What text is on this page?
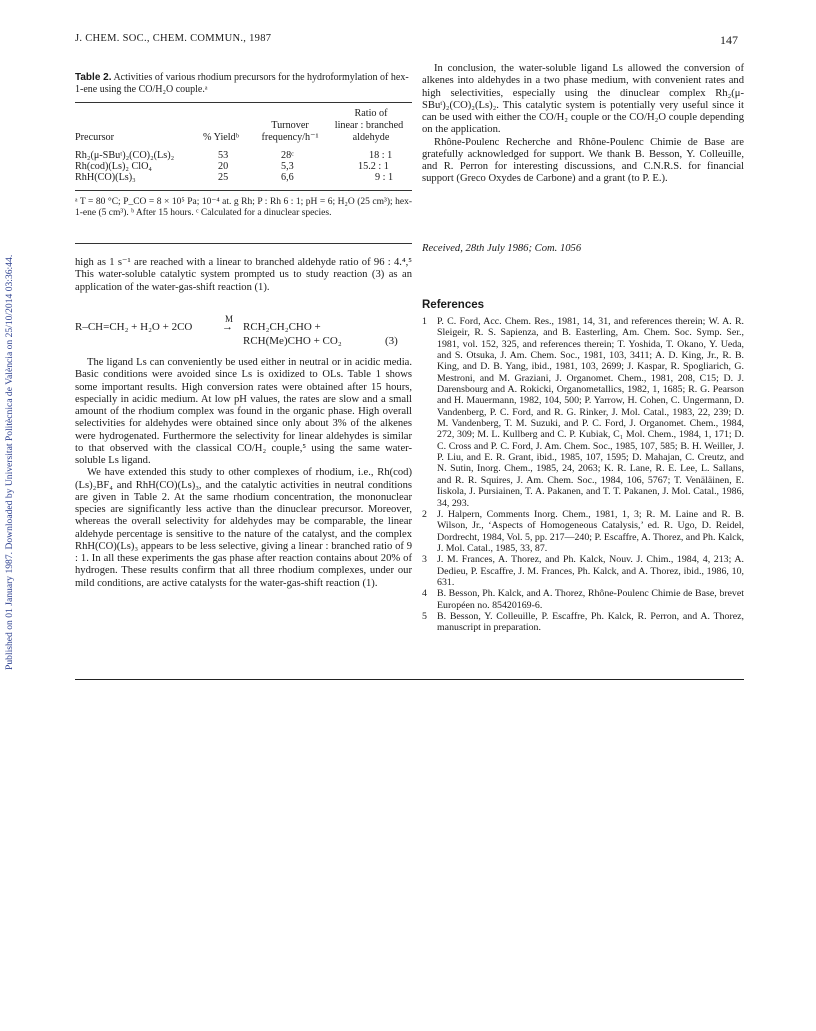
Published on 01 January 1987. Downloaded by Universitat Politècnica de València on 25/10/2014 03:36:44.
J. CHEM. SOC., CHEM. COMMUN., 1987	147
Table 2. Activities of various rhodium precursors for the hydroformylation of hex-1-ene using the CO/H₂O couple.ᵃ
Ratio of
Turnover	linear : branched
Precursor	% Yieldᵇ	frequency/h⁻¹	aldehyde
Rh₂(μ-SBuᵗ)₂(CO)₂(Ls)₂	53	28ᶜ	18 : 1
Rh(cod)(Ls)₂ ClO₄	20	5,3	15.2 : 1
RhH(CO)(Ls)₃	25	6,6	9 : 1
ᵃ T = 80 °C; P_CO = 8 × 10⁵ Pa; 10⁻⁴ at. g Rh; P : Rh 6 : 1; pH = 6; H₂O (25 cm³); hex-1-ene (5 cm³). ᵇ After 15 hours. ᶜ Calculated for a dinuclear species.

high as 1 s⁻¹ are reached with a linear to branched aldehyde ratio of 96 : 4.⁴,⁵ This water-soluble catalytic system prompted us to study reaction (3) as an application of the water-gas-shift reaction (1).

R–CH=CH₂ + H₂O + 2CO
M
→ RCH₂CH₂CHO +
RCH(Me)CHO + CO₂	(3)

The ligand Ls can conveniently be used either in neutral or in acidic media. Basic conditions were avoided since Ls is oxidized to OLs. Table 1 shows some important results. High conversion rates were obtained after 15 hours, especially in acidic medium. At low pH values, the rates are slow and a small amount of the rhodium complex was found in the organic phase. High overall selectivities for aldehydes were obtained since only about 3% of the alkenes were hydrogenated. Furthermore the selectivity for linear aldehydes is similar to that observed with the classical CO/H₂ couple,⁵ using the same water-soluble Ls ligand.

We have extended this study to other complexes of rhodium, i.e., Rh(cod)(Ls)₂BF₄ and RhH(CO)(Ls)₃, and the catalytic activities in neutral conditions are given in Table 2. At the same rhodium concentration, the mononuclear species are significantly less active than the dinuclear precursor. Moreover, whereas the overall selectivity for aldehydes may be comparable, the linear aldehyde percentage is sensitive to the nature of the catalyst, and the complex RhH(CO)(Ls)₃ appears to be less selective, giving a linear : branched ratio of 9 : 1. In all these experiments the gas phase after reaction contains about 20% of hydrogen. These results confirm that all three rhodium complexes, under our mild conditions, are active catalysts for the water-gas-shift reaction (1).

In conclusion, the water-soluble ligand Ls allowed the conversion of alkenes into aldehydes in a two phase medium, with convenient rates and high selectivities, especially using the dinuclear complex Rh₂(μ-SBuᵗ)₂(CO)₂(Ls)₂. This catalytic system is potentially very useful since it can be used with either the CO/H₂ couple or the CO/H₂O couple depending on the application.

Rhône-Poulenc Recherche and Rhône-Poulenc Chimie de Base are gratefully acknowledged for support. We thank B. Besson, Y. Colleuille, and R. Perron for interesting discussions, and C.N.R.S. for financial support (Greco Oxydes de Carbone) and a grant (to P. E.).

Received, 28th July 1986; Com. 1056
References
1 P. C. Ford, Acc. Chem. Res., 1981, 14, 31, and references therein; W. A. R. Sleigeir, R. S. Sapienza, and B. Easterling, Am. Chem. Soc. Symp. Ser., 1981, vol. 152, 325, and references therein; T. Yoshida, T. Okano, Y. Ueda, and S. Otsuka, J. Am. Chem. Soc., 1981, 103, 3411; A. D. King, Jr., R. B. King, and D. B. Yang, ibid., 1981, 103, 2699; J. Kaspar, R. Spogliarich, G. Mestroni, and M. Graziani, J. Organomet. Chem., 1981, 208, C15; D. J. Darensbourg and A. Rokicki, Organometallics, 1982, 1, 1685; R. G. Pearson and H. Mauermann, 1982, 104, 500; P. Yarrow, H. Cohen, C. Ungermann, D. Vandenberg, P. C. Ford, and R. G. Rinker, J. Mol. Catal., 1983, 22, 239; D. M. Vandenberg, T. M. Suzuki, and P. C. Ford, J. Organomet. Chem., 1984, 272, 309; M. L. Kullberg and C. P. Kubiak, C₁ Mol. Chem., 1984, 1, 171; D. C. Cross and P. C. Ford, J. Am. Chem. Soc., 1985, 107, 585; B. H. Weiller, J. P. Liu, and E. R. Grant, ibid., 1985, 107, 1595; D. Mahajan, C. Creutz, and N. Sutin, Inorg. Chem., 1985, 24, 2063; K. R. Lane, R. E. Lee, L. Sallans, and R. R. Squires, J. Am. Chem. Soc., 1984, 106, 5767; T. Venäläinen, E. Iiskola, J. Pursiainen, T. A. Pakanen, and T. T. Pakanen, J. Mol. Catal., 1986, 34, 293.
2 J. Halpern, Comments Inorg. Chem., 1981, 1, 3; R. M. Laine and R. B. Wilson, Jr., ‘Aspects of Homogeneous Catalysis,’ ed. R. Ugo, D. Reidel, Dordrecht, 1984, Vol. 5, pp. 217—240; P. Escaffre, A. Thorez, and Ph. Kalck, J. Mol. Catal., 1985, 33, 87.
3 J. M. Frances, A. Thorez, and Ph. Kalck, Nouv. J. Chim., 1984, 4, 213; A. Dedieu, P. Escaffre, J. M. Frances, Ph. Kalck, and A. Thorez, ibid., 1986, 10, 631.
4 B. Besson, Ph. Kalck, and A. Thorez, Rhône-Poulenc Chimie de Base, brevet Européen no. 85420169-6.
5 B. Besson, Y. Colleuille, P. Escaffre, Ph. Kalck, R. Perron, and A. Thorez, manuscript in preparation.
